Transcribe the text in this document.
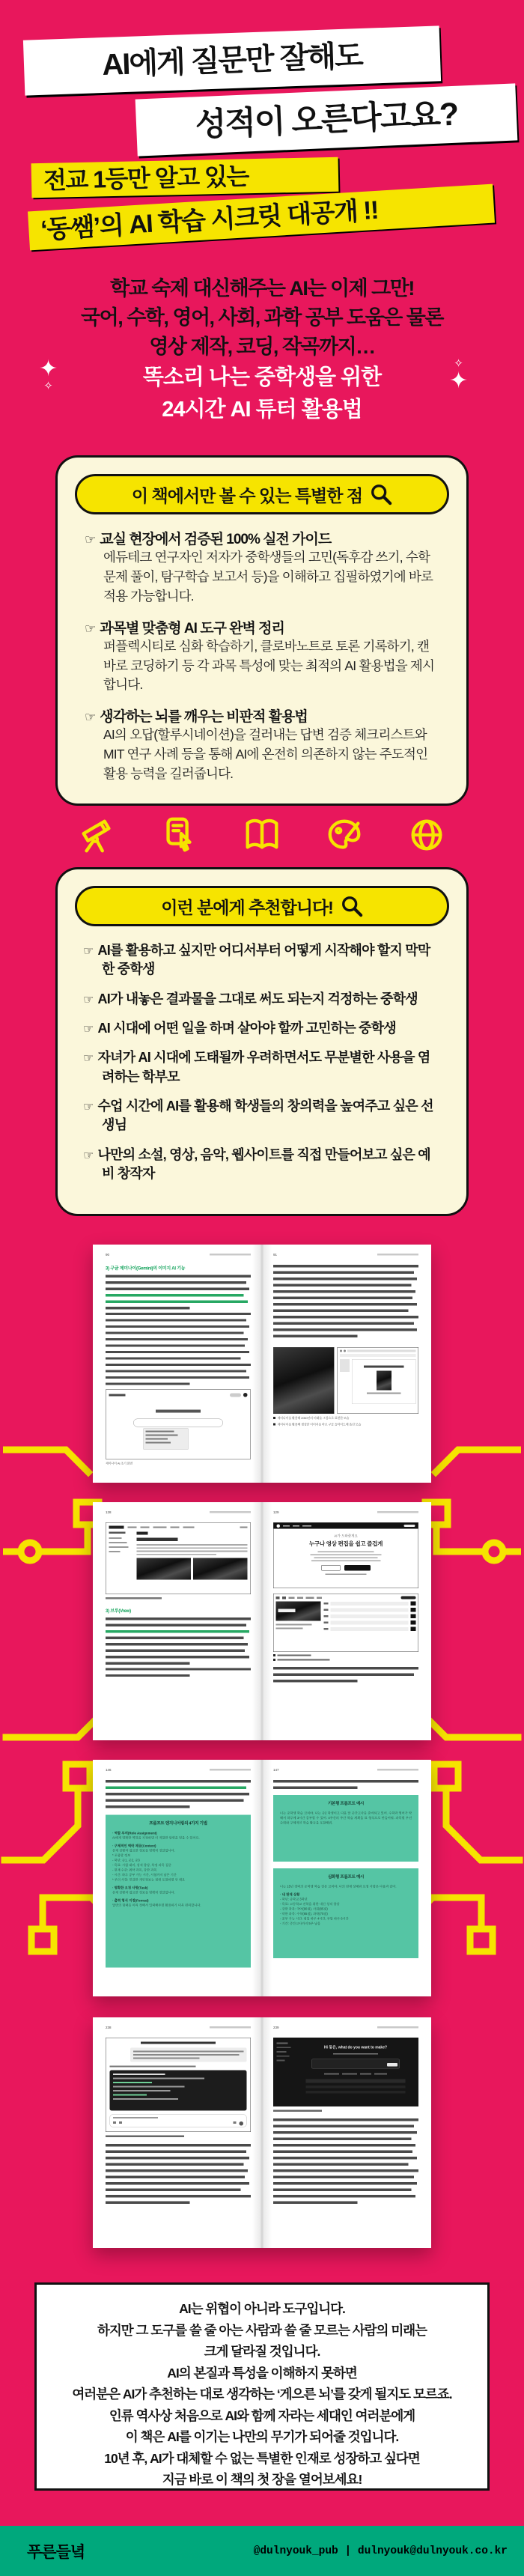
AI에게 질문만 잘해도
성적이 오른다고요?
전교 1등만 알고 있는
‘동쌤’의 AI 학습 시크릿 대공개 !!
학교 숙제 대신해주는 AI는 이제 그만!
국어, 수학, 영어, 사회, 과학 공부 도움은 물론
영상 제작, 코딩, 작곡까지…
똑소리 나는 중학생을 위한
24시간 AI 튜터 활용법
✦
✧
✧
✦
이 책에서만 볼 수 있는 특별한 점
☞ 교실 현장에서 검증된 100% 실전 가이드
에듀테크 연구자인 저자가 중학생들의 고민(독후감 쓰기, 수학문제 풀이, 탐구학습 보고서 등)을 이해하고 집필하였기에 바로 적용 가능합니다.
☞ 과목별 맞춤형 AI 도구 완벽 정리
퍼플렉시티로 심화 학습하기, 클로바노트로 토론 기록하기, 캔바로 코딩하기 등 각 과목 특성에 맞는 최적의 AI 활용법을 제시합니다.
☞ 생각하는 뇌를 깨우는 비판적 활용법
AI의 오답(할루시네이션)을 걸러내는 답변 검증 체크리스트와 MIT 연구 사례 등을 통해 AI에 온전히 의존하지 않는 주도적인 활용 능력을 길러줍니다.
이런 분에게 추천합니다!
☞ AI를 활용하고 싶지만 어디서부터 어떻게 시작해야 할지 막막한 중학생
☞ AI가 내놓은 결과물을 그대로 써도 되는지 걱정하는 중학생
☞ AI 시대에 어떤 일을 하며 살아야 할까 고민하는 중학생
☞ 자녀가 AI 시대에 도태될까 우려하면서도 무분별한 사용을 염려하는 학부모
☞ 수업 시간에 AI를 활용해 학생들의 창의력을 높여주고 싶은 선생님
☞ 나만의 소설, 영상, 음악, 웹사이트를 직접 만들어보고 싶은 예비 창작자
90
3) 구글 제미나이(Gemini)의 이미지 AI 기능
제미나이 AI 초기 화면
91
제미나이를 활용해 2050년의 미래를 그림으로 표현한 모습
제미나이를 활용해 생성한 이미지를 바로 구글 슬라이드에 올린 모습
128
3) 브루(Vrew)
129
AI가 도와줄게요
누구나 영상 편집을 쉽고 즐겁게
146
프롬프트 엔지니어링의 4가지 기법
· 역할 부여(Role Assignment)
AI에게 명확한 역할을 지정하면 더 적합한 답변을 얻을 수 있어요.
· 구체적인 맥락 제공(Context)
문제 상황과 필요한 정보를 명확히 전달합니다.
* 포함할 정보
- 학년: 중1, 중2, 중3
- 목표: 시험 대비, 성적 향상, 특정 과목 집중
- 현재 수준: 취약 과목, 강한 과목
- 시간: 하루 공부 가능 시간, 시험까지 남은 기간
* 주의 사항: 민감한 개인정보는 절대 포함하면 안 돼요
· 명확한 요청 사항(Task)
문제 상황과 필요한 정보를 명확히 전달합니다.
· 출력 형식 지정(Format)
답변의 형태를 미리 정해서 입력해주면 활용하기 더욱 편리합니다.
147
기본형 프롬프트 예시
너는 중학생 학습 코치야. 나는 중2 학생이고 다음 달 중간고사를 준비하고 있어. 수학과 영어가 약해서 하루에 3시간 공부할 수 있어. 4주간의 주간 학습 계획을 표 형식으로 만들어줘. 과목별 우선순위와 구체적인 학습 활동을 포함해줘.
심화형 프롬프트 예시
너는 15년 경력의 중학생 학습 전문 코치야. 나의 현재 상태와 요청 사항은 다음과 같아.
· 내 현재 상황
- 학년: 중학교 3학년
- 목표: 고등학교 진학을 위한 내신 성적 향상
- 강한 과목: 국어(90점), 사회(85점)
- 약한 과목: 수학(65점), 과학(70점)
- 공부 가능 시간: 평일 하루 4시간, 주말 하루 6시간
- 기간: 중간고사까지 5주 남음
238	239
Hi 동은, what do you want to make?
AI는 위협이 아니라 도구입니다.
하지만 그 도구를 쓸 줄 아는 사람과 쓸 줄 모르는 사람의 미래는
크게 달라질 것입니다.
AI의 본질과 특성을 이해하지 못하면
여러분은 AI가 추천하는 대로 생각하는 ‘게으른 뇌’를 갖게 될지도 모르죠.
인류 역사상 처음으로 AI와 함께 자라는 세대인 여러분에게
이 책은 AI를 이기는 나만의 무기가 되어줄 것입니다.
10년 후, AI가 대체할 수 없는 특별한 인재로 성장하고 싶다면
지금 바로 이 책의 첫 장을 열어보세요!
푸른들녘	@dulnyouk_pub | dulnyouk@dulnyouk.co.kr
